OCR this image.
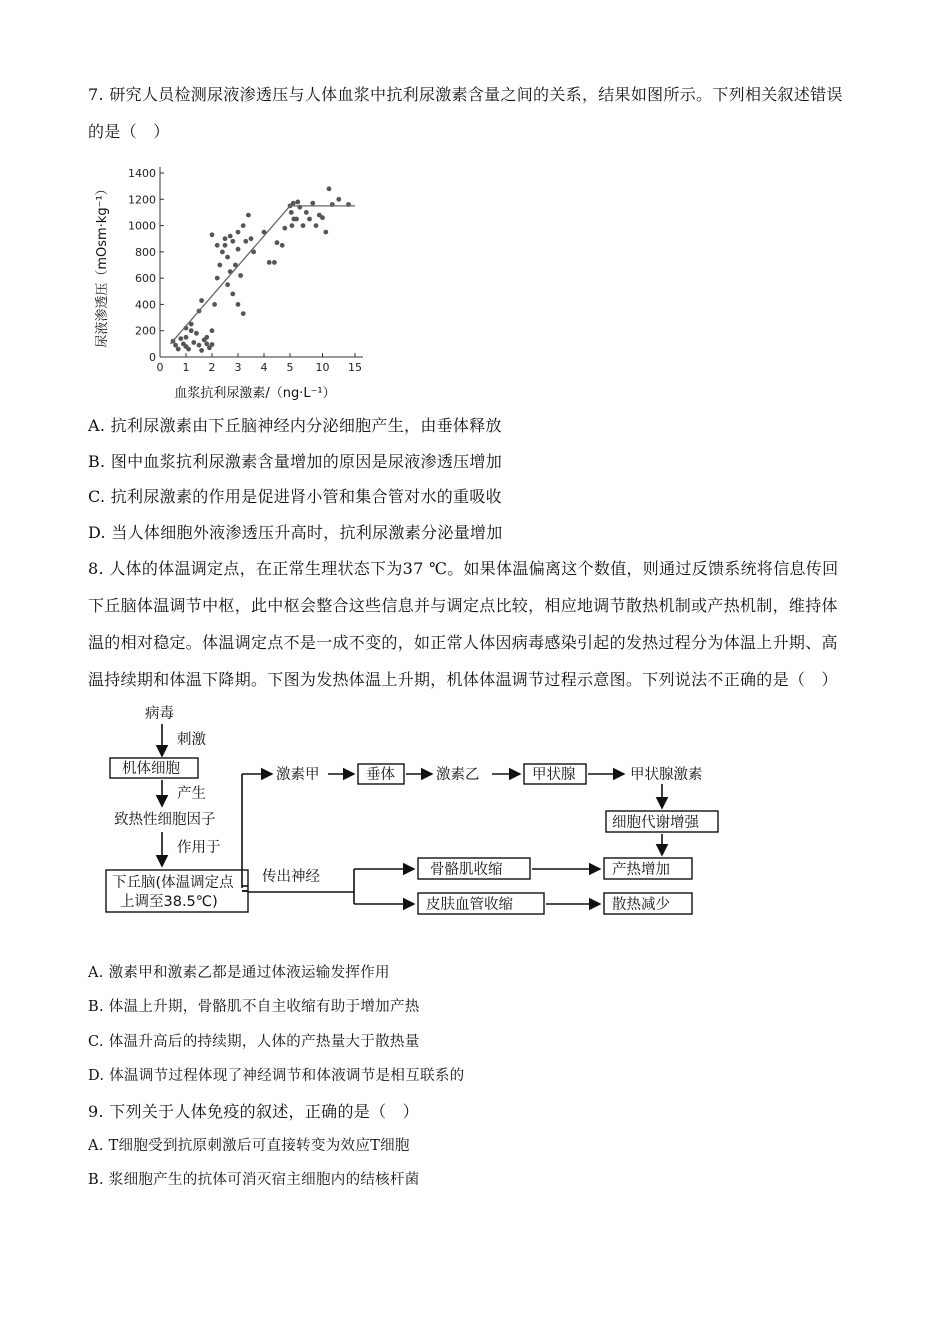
7. 研究人员检测尿液渗透压与人体血浆中抗利尿激素含量之间的关系，结果如图所示。下列相关叙述错误
的是（　）
0
200
400
600
800
1000
1200
1400
0 1 2 3 4 5 10 15
血浆抗利尿激素/（ng·L⁻¹）
尿液渗透压（mOsm·kg⁻¹）
A. 抗利尿激素由下丘脑神经内分泌细胞产生，由垂体释放
B. 图中血浆抗利尿激素含量增加的原因是尿液渗透压增加
C. 抗利尿激素的作用是促进肾小管和集合管对水的重吸收
D. 当人体细胞外液渗透压升高时，抗利尿激素分泌量增加
8. 人体的体温调定点，在正常生理状态下为37 ℃。如果体温偏离这个数值，则通过反馈系统将信息传回
下丘脑体温调节中枢，此中枢会整合这些信息并与调定点比较，相应地调节散热机制或产热机制，维持体
温的相对稳定。体温调定点不是一成不变的，如正常人体因病毒感染引起的发热过程分为体温上升期、高
温持续期和体温下降期。下图为发热体温上升期，机体体温调节过程示意图。下列说法不正确的是（　）
病毒
刺激
机体细胞
产生
致热性细胞因子
作用于
下丘脑(体温调定点
上调至38.5℃)
激素甲	垂体	激素乙	甲状腺	甲状腺激素
细胞代谢增强
传出神经	骨骼肌收缩
皮肤血管收缩
产热增加
散热减少
A. 激素甲和激素乙都是通过体液运输发挥作用
B. 体温上升期，骨骼肌不自主收缩有助于增加产热
C. 体温升高后的持续期，人体的产热量大于散热量
D. 体温调节过程体现了神经调节和体液调节是相互联系的
9. 下列关于人体免疫的叙述，正确的是（　）
A. T细胞受到抗原刺激后可直接转变为效应T细胞
B. 浆细胞产生的抗体可消灭宿主细胞内的结核杆菌
